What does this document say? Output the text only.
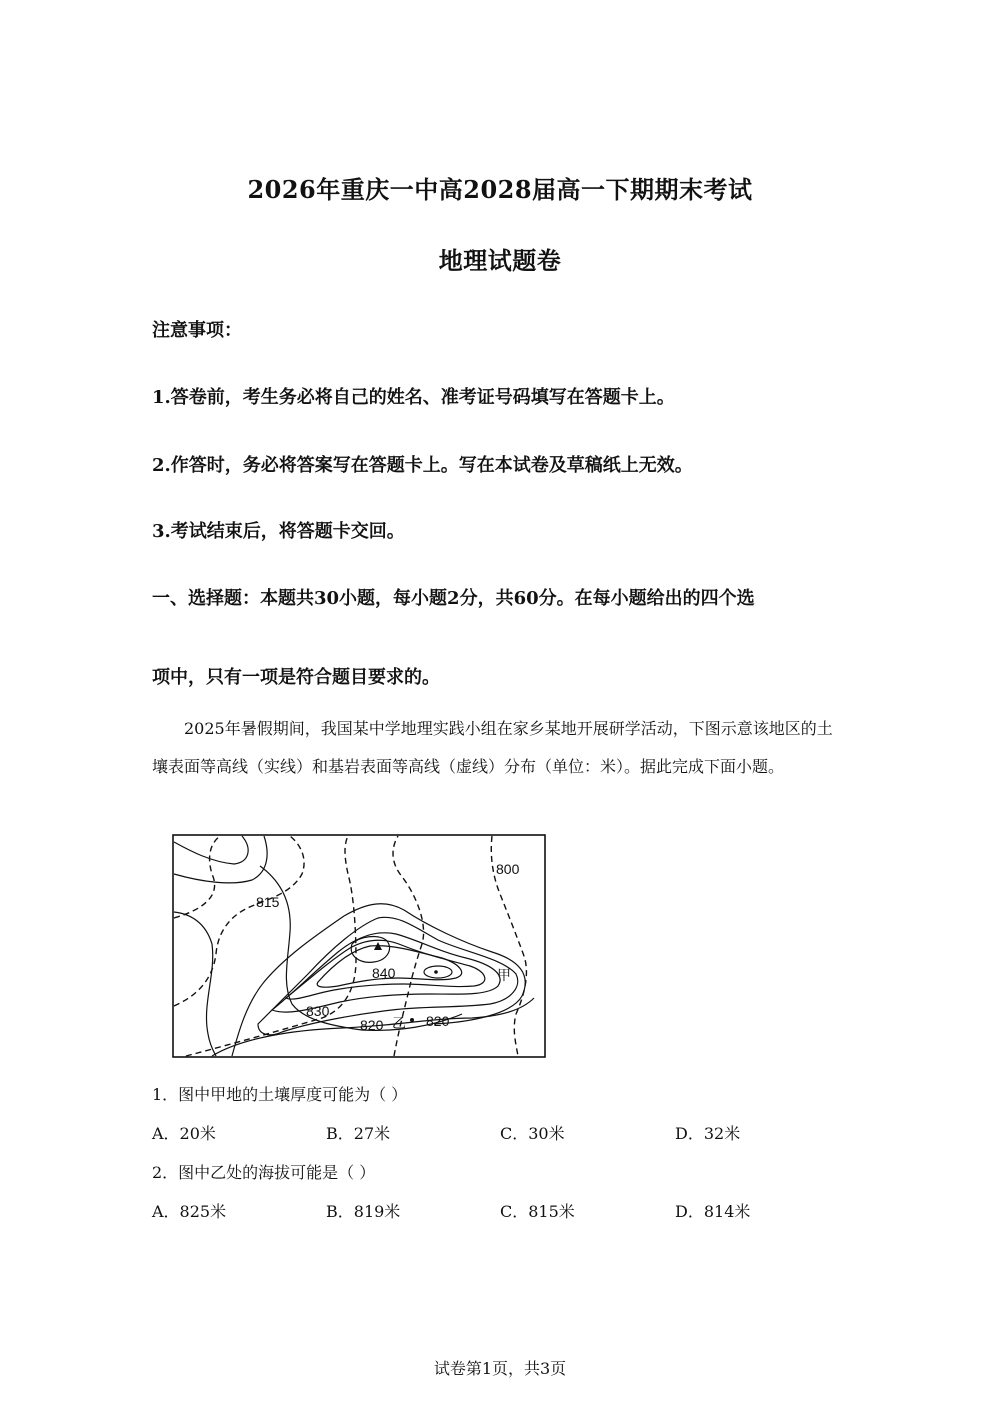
2026年重庆一中高2028届高一下期期末考试
地理试题卷
注意事项：
1.答卷前，考生务必将自己的姓名、准考证号码填写在答题卡上。
2.作答时，务必将答案写在答题卡上。写在本试卷及草稿纸上无效。
3.考试结束后，将答题卡交回。
一、选择题：本题共30小题，每小题2分，共60分。在每小题给出的四个选
项中，只有一项是符合题目要求的。

2025年暑假期间，我国某中学地理实践小组在家乡某地开展研学活动，下图示意该地区的土壤表面等高线（实线）和基岩表面等高线（虚线）分布（单位：米）。据此完成下面小题。

800
815
840
830
820	820
甲
乙
1．图中甲地的土壤厚度可能为（ ）
A．20米	B．27米	C．30米	D．32米
2．图中乙处的海拔可能是（ ）
A．825米	B．819米	C．815米	D．814米
试卷第1页，共3页
